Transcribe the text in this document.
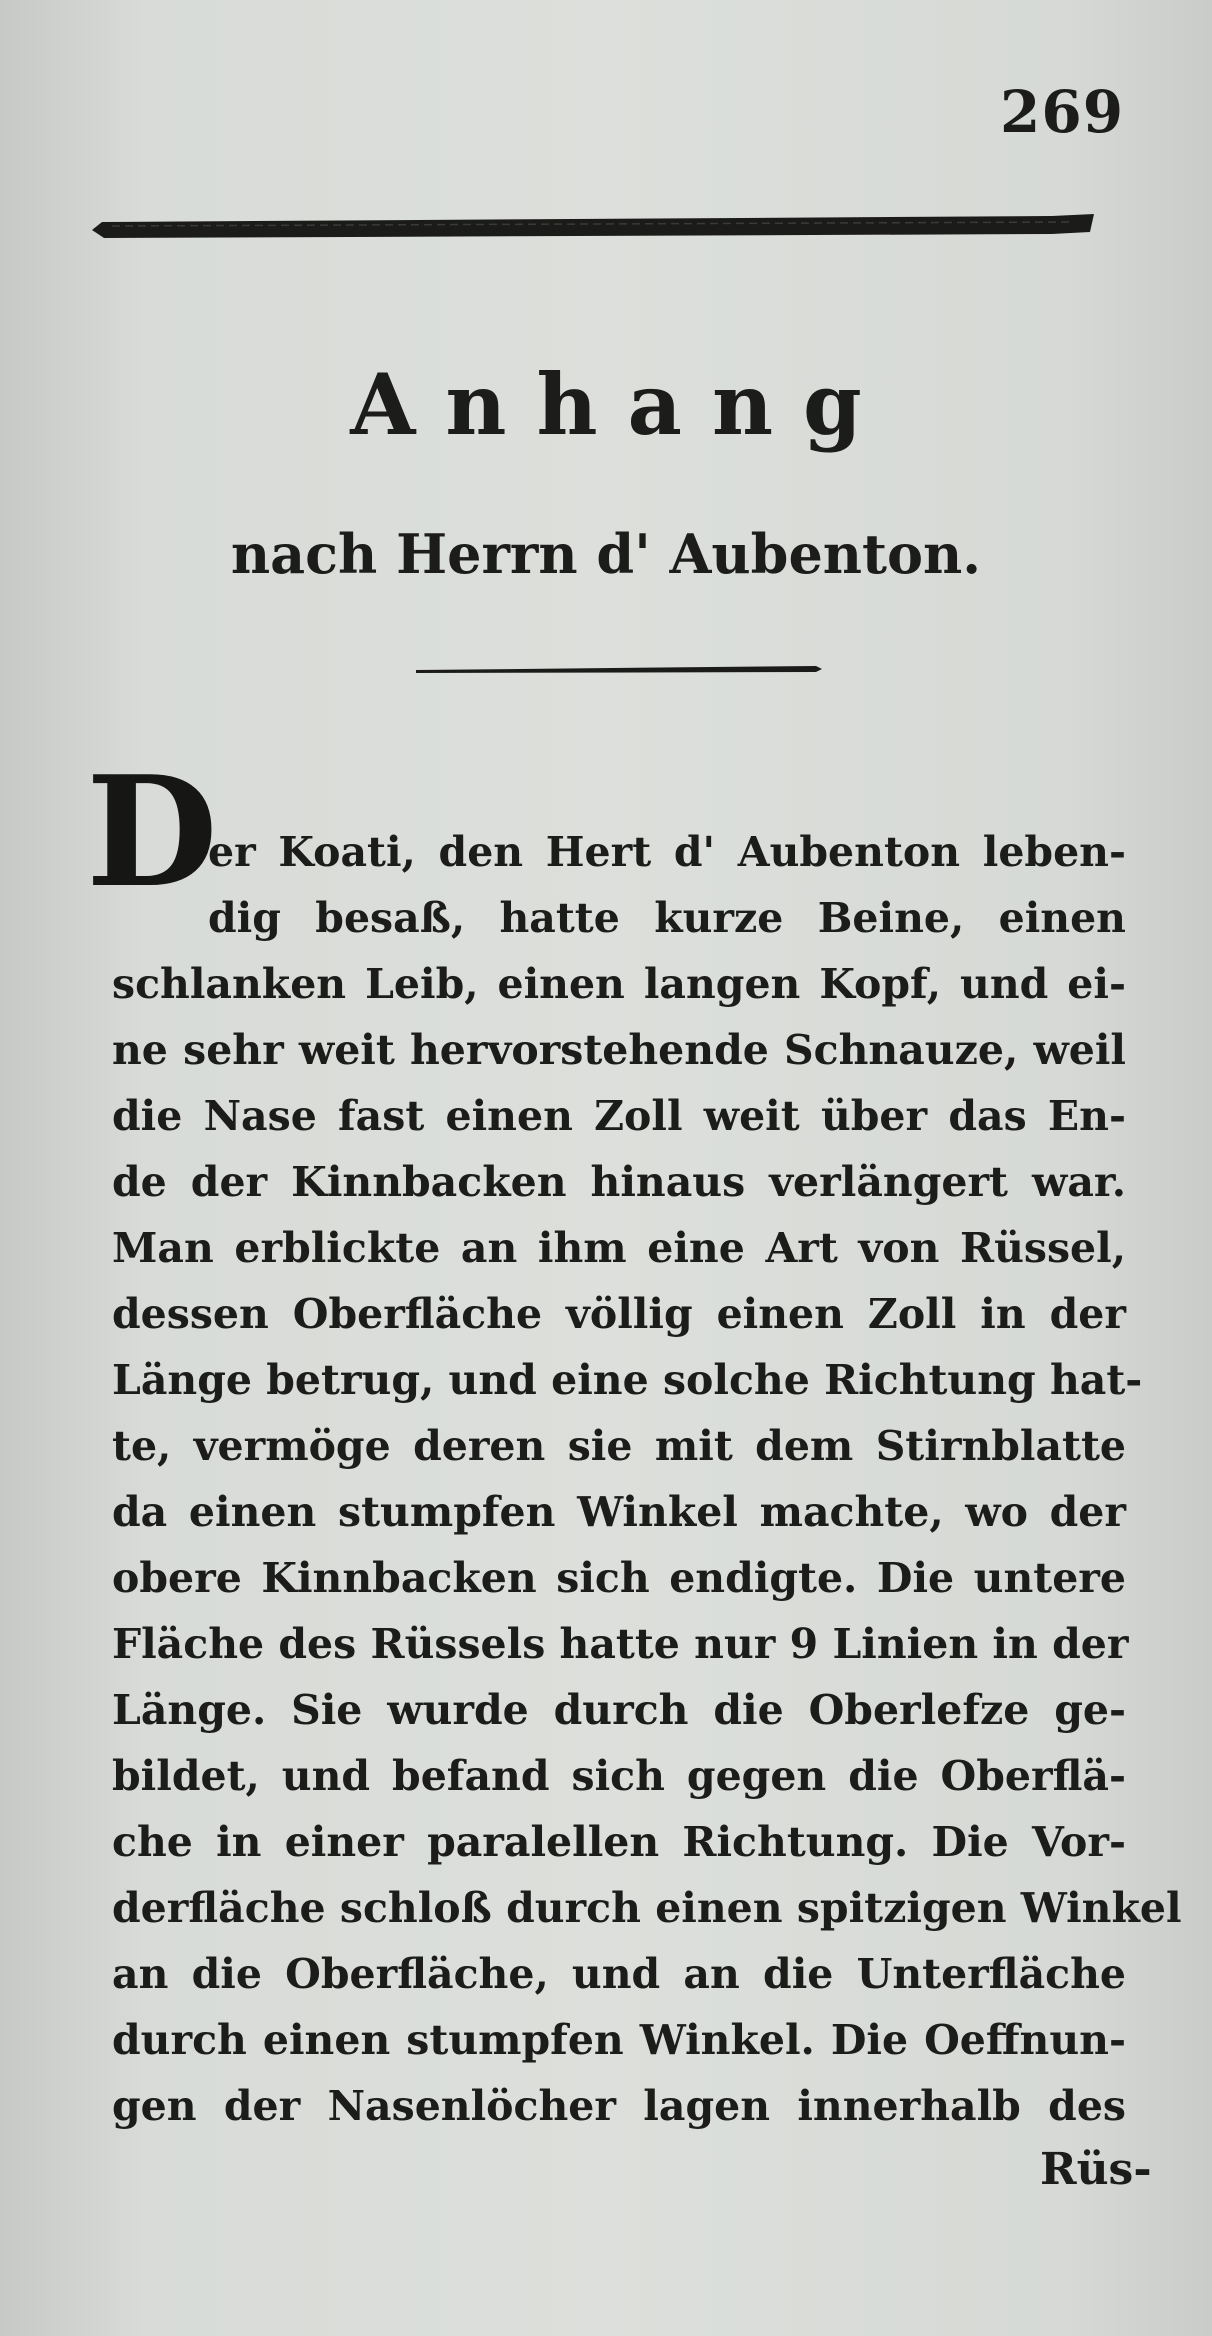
269
Anhang
nach Herrn d' Aubenton.
D
er Koati, den Hert d' Aubenton leben-
dig besaß, hatte kurze Beine, einen
schlanken Leib, einen langen Kopf, und ei-
ne sehr weit hervorstehende Schnauze, weil
die Nase fast einen Zoll weit über das En-
de der Kinnbacken hinaus verlängert war.
Man erblickte an ihm eine Art von Rüssel,
dessen Oberfläche völlig einen Zoll in der
Länge betrug, und eine solche Richtung hat-
te, vermöge deren sie mit dem Stirnblatte
da einen stumpfen Winkel machte, wo der
obere Kinnbacken sich endigte. Die untere
Fläche des Rüssels hatte nur 9 Linien in der
Länge. Sie wurde durch die Oberlefze ge-
bildet, und befand sich gegen die Oberflä-
che in einer paralellen Richtung. Die Vor-
derfläche schloß durch einen spitzigen Winkel
an die Oberfläche, und an die Unterfläche
durch einen stumpfen Winkel. Die Oeffnun-
gen der Nasenlöcher lagen innerhalb des
Rüs-
